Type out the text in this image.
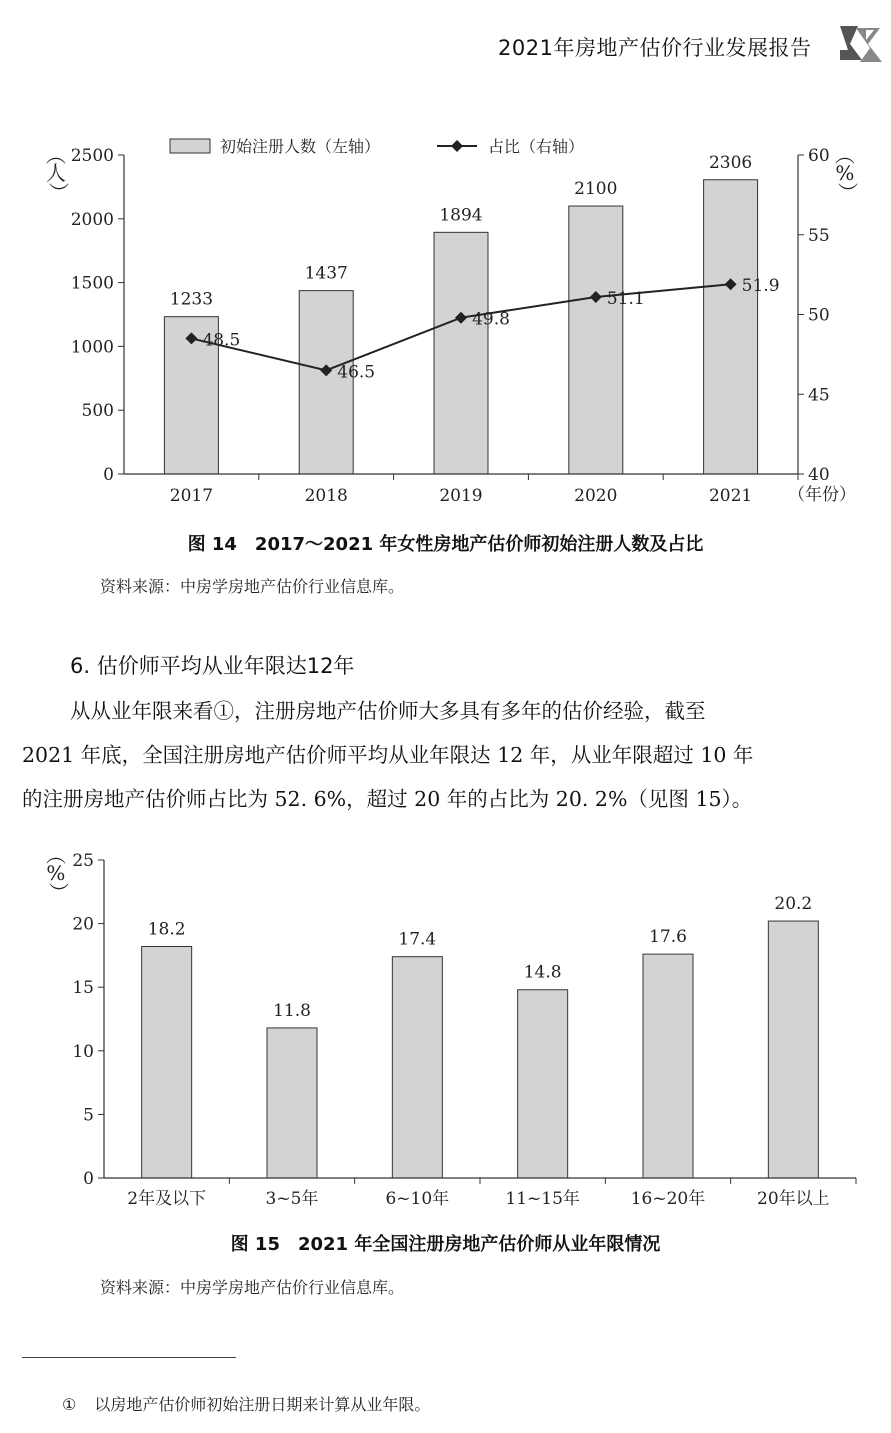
2021年房地产估价行业发展报告
2017	2018	2019	2020	2021
0
500
1000
1500
2000
2500
40
45
50
55
60
1233
48.5
1437
46.5
1894
49.8
2100
51.1
2306
51.9
初始注册人数（左轴）	占比（右轴）
︵ 人 ︶
︵ % ︶
（年份）
图 14　2017～2021 年女性房地产估价师初始注册人数及占比
资料来源：中房学房地产估价行业信息库。
6. 估价师平均从业年限达12年
从从业年限来看①，注册房地产估价师大多具有多年的估价经验，截至
2021 年底，全国注册房地产估价师平均从业年限达 12 年，从业年限超过 10 年
的注册房地产估价师占比为 52. 6%，超过 20 年的占比为 20. 2%（见图 15）。
2年及以下	3~5年	6~10年	11~15年	16~20年	20年以上
0
5
10
15
20
25
18.2
11.8
17.4
14.8
17.6
20.2
︵ % ︶
图 15　2021 年全国注册房地产估价师从业年限情况
资料来源：中房学房地产估价行业信息库。
① 以房地产估价师初始注册日期来计算从业年限。
